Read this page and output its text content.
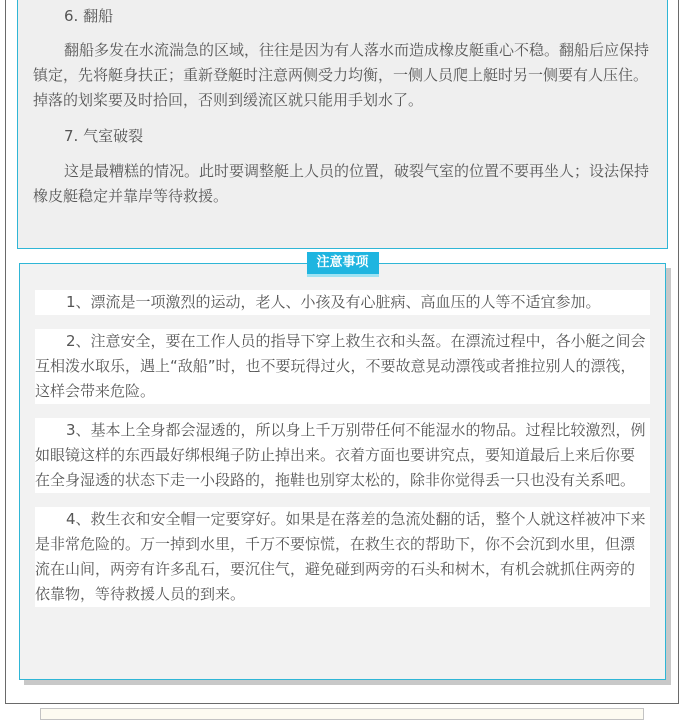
6. 翻船

翻船多发在水流湍急的区域，往往是因为有人落水而造成橡皮艇重心不稳。翻船后应保持镇定，先将艇身扶正；重新登艇时注意两侧受力均衡，一侧人员爬上艇时另一侧要有人压住。掉落的划桨要及时拾回，否则到缓流区就只能用手划水了。

7. 气室破裂

这是最糟糕的情况。此时要调整艇上人员的位置，破裂气室的位置不要再坐人；设法保持橡皮艇稳定并靠岸等待救援。

注意事项
1、漂流是一项激烈的运动，老人、小孩及有心脏病、高血压的人等不适宜参加。
2、注意安全，要在工作人员的指导下穿上救生衣和头盔。在漂流过程中，各小艇之间会互相泼水取乐，遇上“敌船”时，也不要玩得过火，不要故意晃动漂筏或者推拉别人的漂筏，这样会带来危险。
3、基本上全身都会湿透的，所以身上千万别带任何不能湿水的物品。过程比较激烈，例如眼镜这样的东西最好绑根绳子防止掉出来。衣着方面也要讲究点，要知道最后上来后你要在全身湿透的状态下走一小段路的，拖鞋也别穿太松的，除非你觉得丢一只也没有关系吧。
4、救生衣和安全帽一定要穿好。如果是在落差的急流处翻的话，整个人就这样被冲下来是非常危险的。万一掉到水里，千万不要惊慌，在救生衣的帮助下，你不会沉到水里，但漂流在山间，两旁有许多乱石，要沉住气，避免碰到两旁的石头和树木，有机会就抓住两旁的依靠物，等待救援人员的到来。
